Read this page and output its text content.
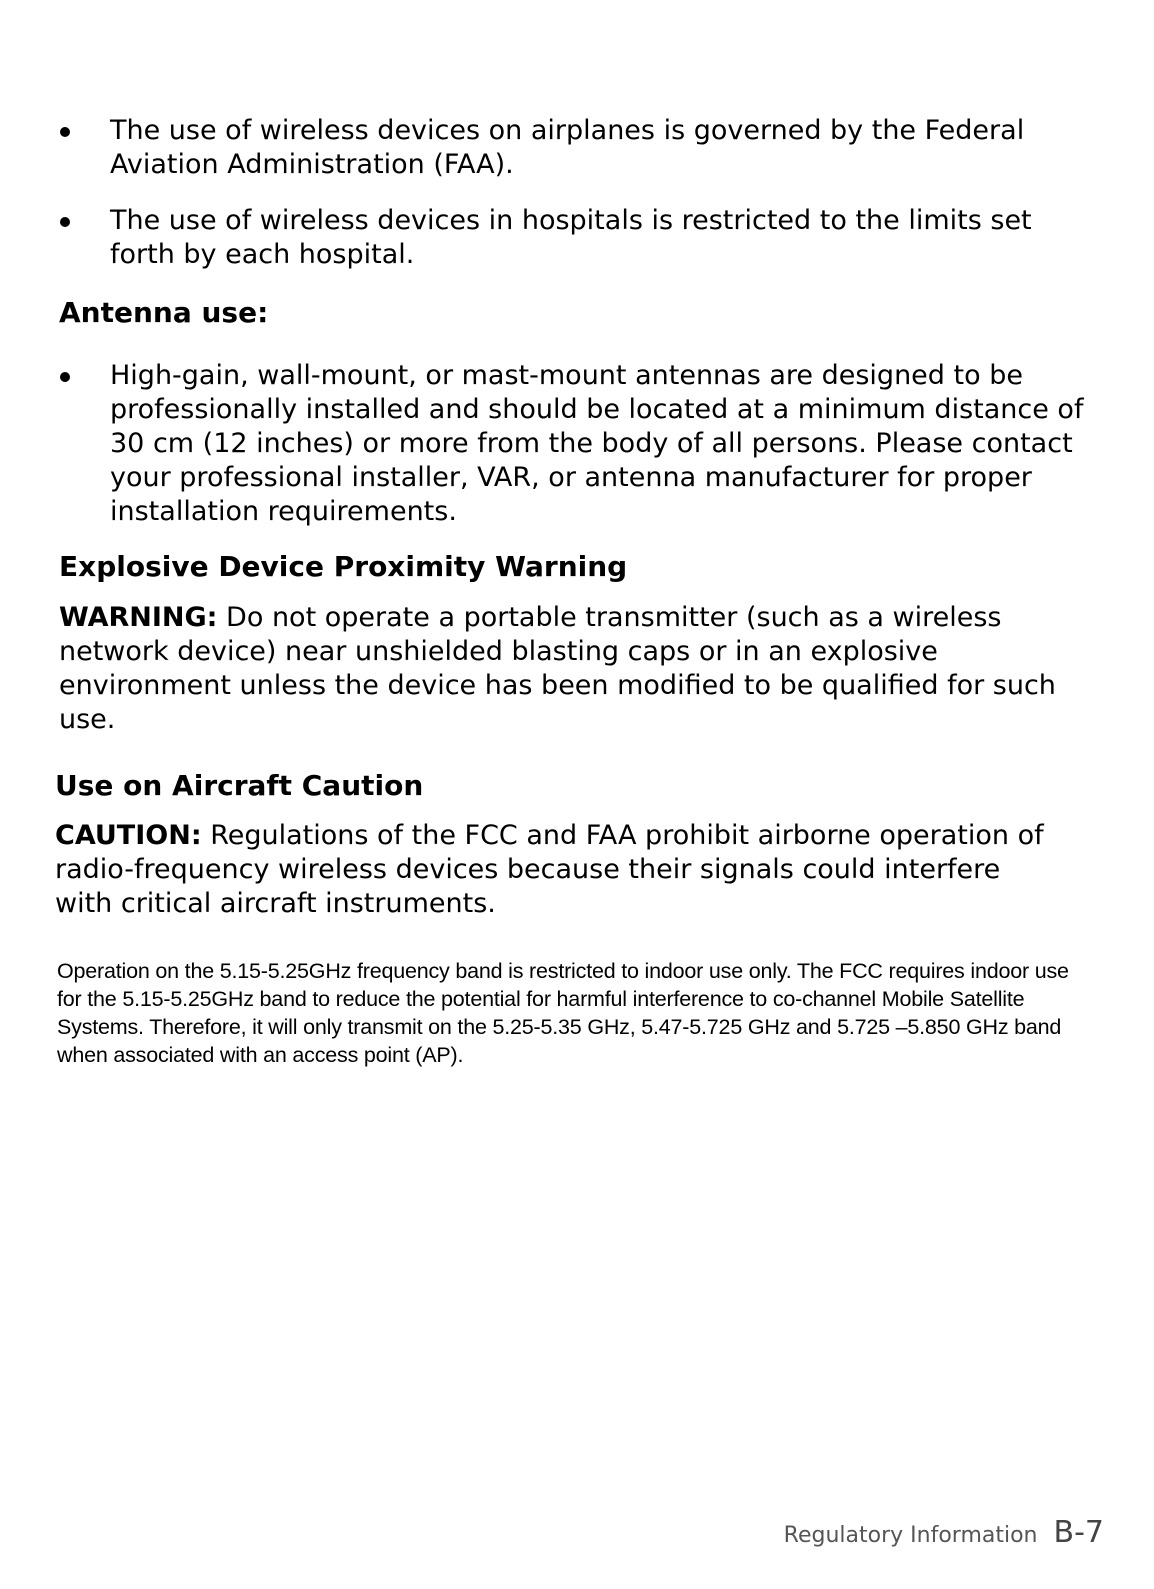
The use of wireless devices on airplanes is governed by the Federal Aviation Administration (FAA).
The use of wireless devices in hospitals is restricted to the limits set forth by each hospital.
Antenna use:
High-gain, wall-mount, or mast-mount antennas are designed to be professionally installed and should be located at a minimum distance of 30 cm (12 inches) or more from the body of all persons. Please contact your professional installer, VAR, or antenna manufacturer for proper installation requirements.
Explosive Device Proximity Warning

WARNING: Do not operate a portable transmitter (such as a wireless network device) near unshielded blasting caps or in an explosive environment unless the device has been modified to be qualified for such use.

Use on Aircraft Caution

CAUTION: Regulations of the FCC and FAA prohibit airborne operation of radio-frequency wireless devices because their signals could interfere with critical aircraft instruments.

Operation on the 5.15-5.25GHz frequency band is restricted to indoor use only. The FCC requires indoor use for the 5.15-5.25GHz band to reduce the potential for harmful interference to co-channel Mobile Satellite Systems. Therefore, it will only transmit on the 5.25-5.35 GHz, 5.47-5.725 GHz and 5.725 –5.850 GHz band when associated with an access point (AP).

Regulatory Information B-7
